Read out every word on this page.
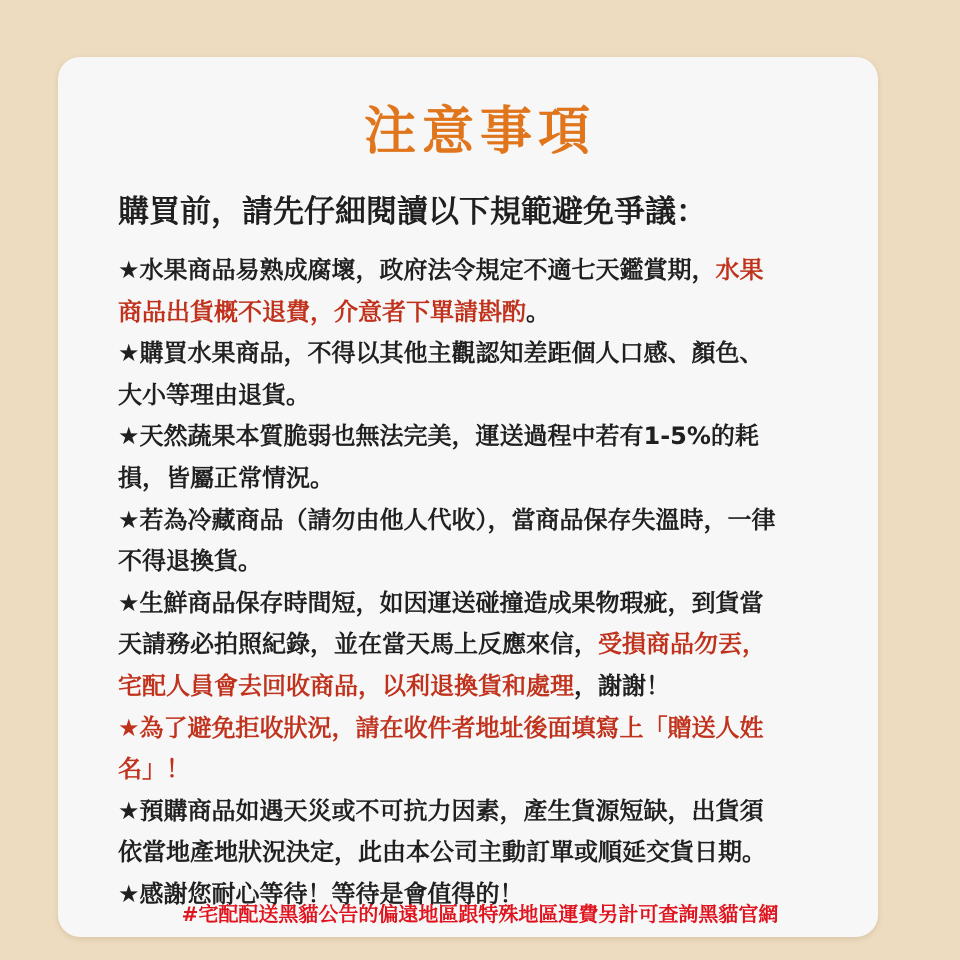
注意事項
購買前，請先仔細閱讀以下規範避免爭議：
★水果商品易熟成腐壞，政府法令規定不適七天鑑賞期，水果
商品出貨概不退費，介意者下單請斟酌。
★購買水果商品，不得以其他主觀認知差距個人口感、顏色、
大小等理由退貨。
★天然蔬果本質脆弱也無法完美，運送過程中若有1-5%的耗
損，皆屬正常情況。
★若為冷藏商品（請勿由他人代收），當商品保存失溫時，一律
不得退換貨。
★生鮮商品保存時間短，如因運送碰撞造成果物瑕疵，到貨當
天請務必拍照紀錄，並在當天馬上反應來信，受損商品勿丟，
宅配人員會去回收商品，以利退換貨和處理，謝謝！
★為了避免拒收狀況，請在收件者地址後面填寫上「贈送人姓
名」！
★預購商品如遇天災或不可抗力因素，產生貨源短缺，出貨須
依當地產地狀況決定，此由本公司主動訂單或順延交貨日期。
★感謝您耐心等待！等待是會值得的！
#宅配配送黑貓公告的偏遠地區跟特殊地區運費另計可查詢黑貓官網
